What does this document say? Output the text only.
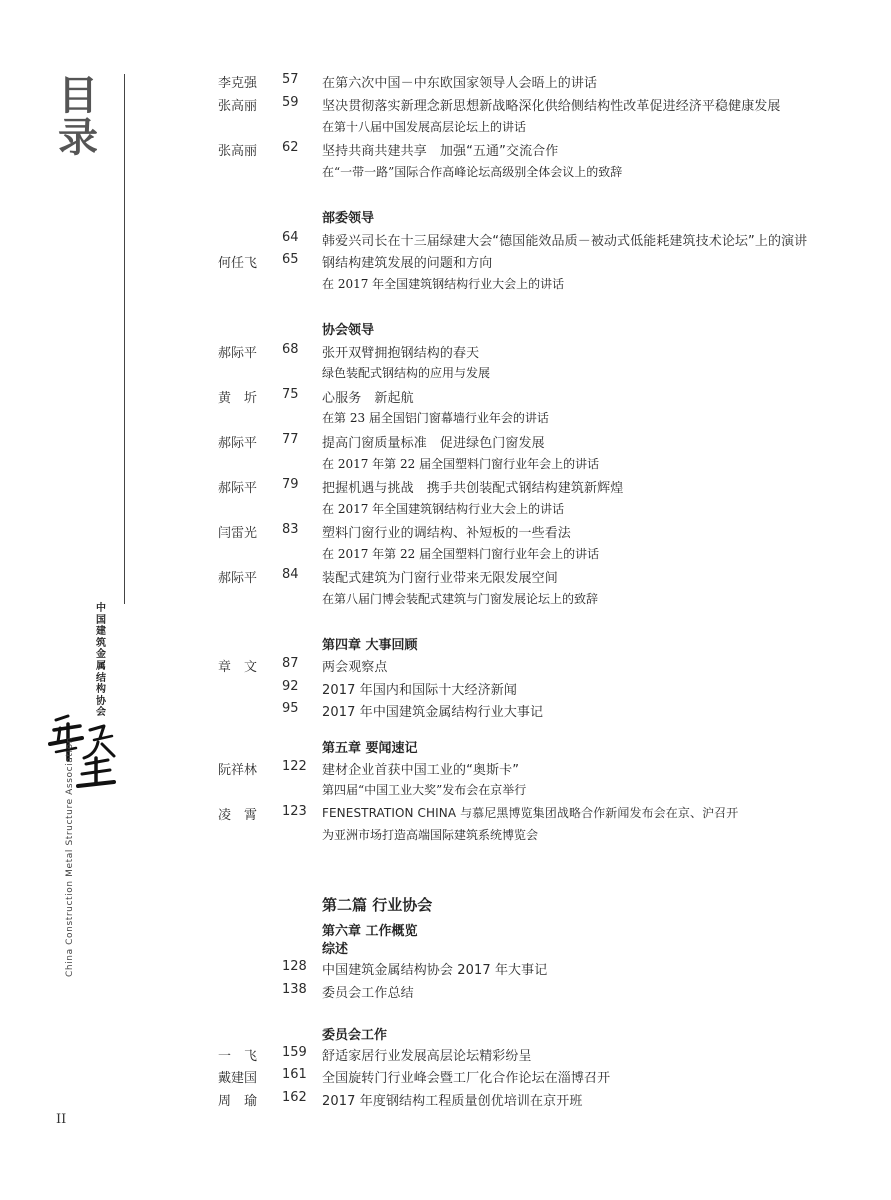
目
录
中国建筑金属结构协会
China Construction Metal Structure Association
II
李克强	57	在第六次中国－中东欧国家领导人会晤上的讲话
张高丽	59	坚决贯彻落实新理念新思想新战略深化供给侧结构性改革促进经济平稳健康发展
在第十八届中国发展高层论坛上的讲话
张高丽	62	坚持共商共建共享　加强“五通”交流合作
在“一带一路”国际合作高峰论坛高级别全体会议上的致辞
部委领导
64	韩爱兴司长在十三届绿建大会“德国能效品质－被动式低能耗建筑技术论坛”上的演讲
何任飞	65	钢结构建筑发展的问题和方向
在 2017 年全国建筑钢结构行业大会上的讲话
协会领导
郝际平	68	张开双臂拥抱钢结构的春天
绿色装配式钢结构的应用与发展
黄　圻	75	心服务　新起航
在第 23 届全国铝门窗幕墙行业年会的讲话
郝际平	77	提高门窗质量标准　促进绿色门窗发展
在 2017 年第 22 届全国塑料门窗行业年会上的讲话
郝际平	79	把握机遇与挑战　携手共创装配式钢结构建筑新辉煌
在 2017 年全国建筑钢结构行业大会上的讲话
闫雷光	83	塑料门窗行业的调结构、补短板的一些看法
在 2017 年第 22 届全国塑料门窗行业年会上的讲话
郝际平	84	装配式建筑为门窗行业带来无限发展空间
在第八届门博会装配式建筑与门窗发展论坛上的致辞
第四章 大事回顾
章　文	87	两会观察点
92	2017 年国内和国际十大经济新闻
95	2017 年中国建筑金属结构行业大事记
第五章 要闻速记
阮祥林	122	建材企业首获中国工业的“奥斯卡”
第四届“中国工业大奖”发布会在京举行
凌　霄	123	FENESTRATION CHINA 与慕尼黑博览集团战略合作新闻发布会在京、沪召开
为亚洲市场打造高端国际建筑系统博览会
第二篇 行业协会
第六章 工作概览
综述
128	中国建筑金属结构协会 2017 年大事记
138	委员会工作总结
委员会工作
一　飞	159	舒适家居行业发展高层论坛精彩纷呈
戴建国	161	全国旋转门行业峰会暨工厂化合作论坛在淄博召开
周　瑜	162	2017 年度钢结构工程质量创优培训在京开班
